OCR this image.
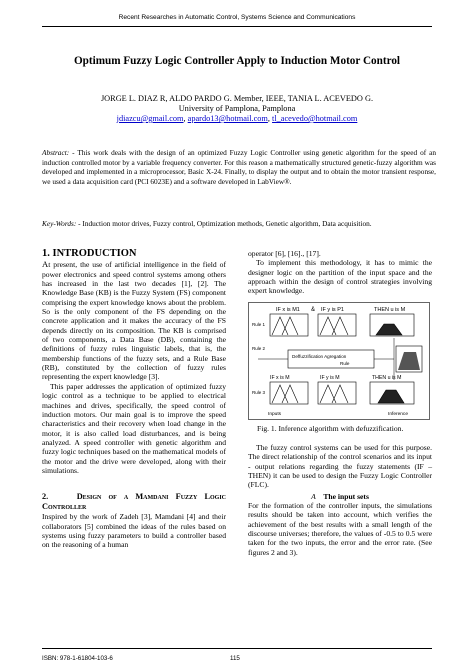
Recent Researches in Automatic Control, Systems Science and Communications
Optimum Fuzzy Logic Controller Apply to Induction Motor Control
JORGE L. DIAZ R, ALDO PARDO G. Member, IEEE, TANIA L. ACEVEDO G.
University of Pamplona, Pamplona
jdiazcu@gmail.com, apardo13@hotmail.com, tl_acevedo@hotmail.com
Abstract: - This work deals with the design of an optimized Fuzzy Logic Controller using genetic algorithm for the speed of an induction controlled motor by a variable frequency converter. For this reason a mathematically structured genetic-fuzzy algorithm was developed and implemented in a microprocessor, Basic X-24. Finally, to display the output and to obtain the motor transient response, we used a data acquisition card (PCI 6023E) and a software developed in LabView®.
Key-Words: - Induction motor drives, Fuzzy control, Optimization methods, Genetic algorithm, Data acquisition.
1. INTRODUCTION

At present, the use of artificial intelligence in the field of power electronics and speed control systems among others has increased in the last two decades [1], [2]. The Knowledge Base (KB) is the Fuzzy System (FS) component comprising the expert knowledge knows about the problem. So is the only component of the FS depending on the concrete application and it makes the accuracy of the FS depends directly on its composition. The KB is comprised of two components, a Data Base (DB), containing the definitions of fuzzy rules linguistic labels, that is, the membership functions of the fuzzy sets, and a Rule Base (RB), constituted by the collection of fuzzy rules representing the expert knowledge [3].

This paper addresses the application of optimized fuzzy logic control as a technique to be applied to electrical machines and drives, specifically, the speed control of induction motors. Our main goal is to improve the speed characteristics and their recovery when load change in the motor, it is also called load disturbances, and is being analyzed. A speed controller with genetic algorithm and fuzzy logic techniques based on the mathematical models of the motor and the drive were developed, along with their simulations.

2.	Design of a Mamdani Fuzzy Logic Controller

Inspired by the work of Zadeh [3], Mamdani [4] and their collaborators [5] combined the ideas of the rules based on systems using fuzzy parameters to build a controller based on the reasoning of a human

operator [6], [16]., [17].

To implement this methodology, it has to mimic the designer logic on the partition of the input space and the approach within the design of control strategies involving expert knowledge.

IF x is M1 & IF y is P1	THEN u is M
Rule 1
Deffuzzification Agregation
Rule
Rule 2
IF x is M	IF y is M	THEN u is M
Rule 3
Inputs	Inference
Fig. 1. Inference algorithm with defuzzification.

The fuzzy control systems can be used for this purpose. The direct relationship of the control scenarios and its input - output relations regarding the fuzzy statements (IF – THEN) it can be used to design the Fuzzy Logic Controller (FLC).

A The input sets

For the formation of the controller inputs, the simulations results should be taken into account, which verifies the achievement of the best results with a small length of the discourse universes; therefore, the values of -0.5 to 0.5 were taken for the two inputs, the error and the error rate. (See figures 2 and 3).

ISBN: 978-1-61804-103-6	115
